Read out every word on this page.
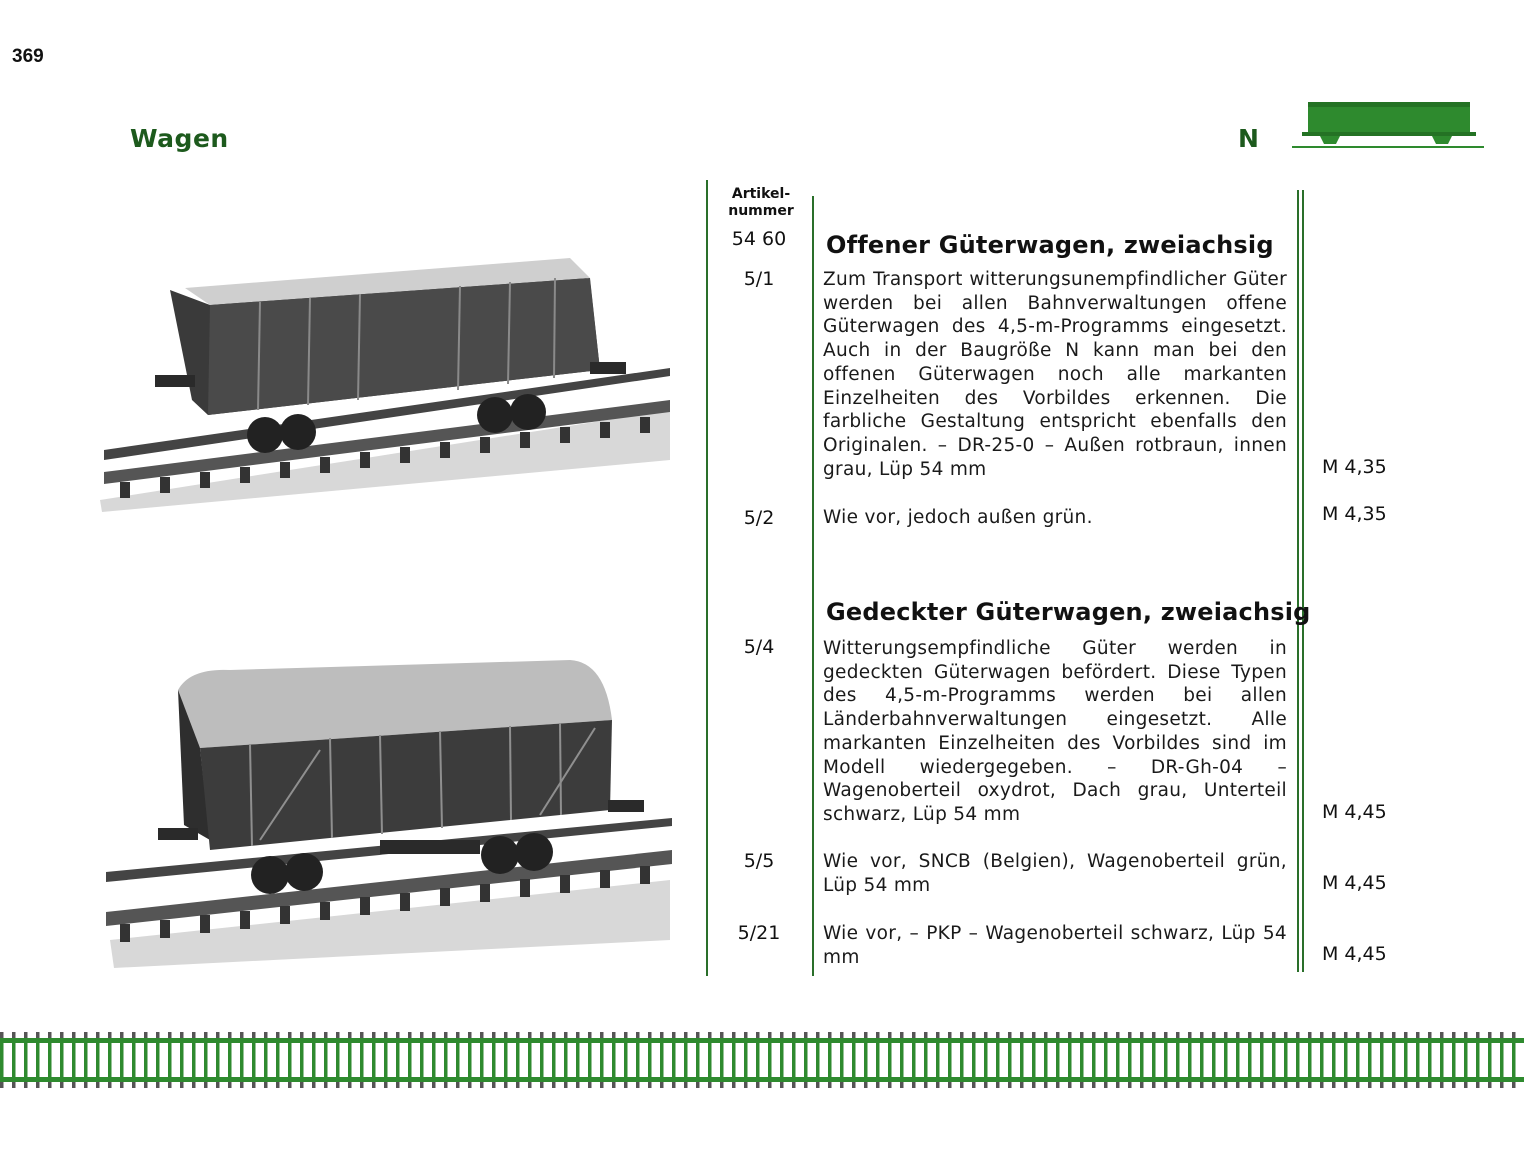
369
Wagen	N
Artikel-
nummer
54 60	Offener Güterwagen, zweiachsig
5/1	Zum Transport witterungsunempfindlicher Güter werden bei allen Bahnverwaltungen offene Güterwagen des 4,5-m-Programms eingesetzt. Auch in der Baugröße N kann man bei den offenen Güterwagen noch alle markanten Einzelheiten des Vorbildes erkennen. Die farbliche Gestaltung entspricht ebenfalls den Originalen. – DR-25-0 – Außen rotbraun, innen grau, Lüp 54 mm	M 4,35
5/2	Wie vor, jedoch außen grün.	M 4,35
Gedeckter Güterwagen, zweiachsig
5/4	Witterungsempfindliche Güter werden in gedeckten Güterwagen befördert. Diese Typen des 4,5-m-Programms werden bei allen Länderbahnverwaltungen eingesetzt. Alle markanten Einzelheiten des Vorbildes sind im Modell wiedergegeben. – DR-Gh-04 – Wagenoberteil oxydrot, Dach grau, Unterteil schwarz, Lüp 54 mm	M 4,45
5/5	Wie vor, SNCB (Belgien), Wagenoberteil grün, Lüp 54 mm	M 4,45
5/21	Wie vor, – PKP – Wagenoberteil schwarz, Lüp 54 mm	M 4,45
